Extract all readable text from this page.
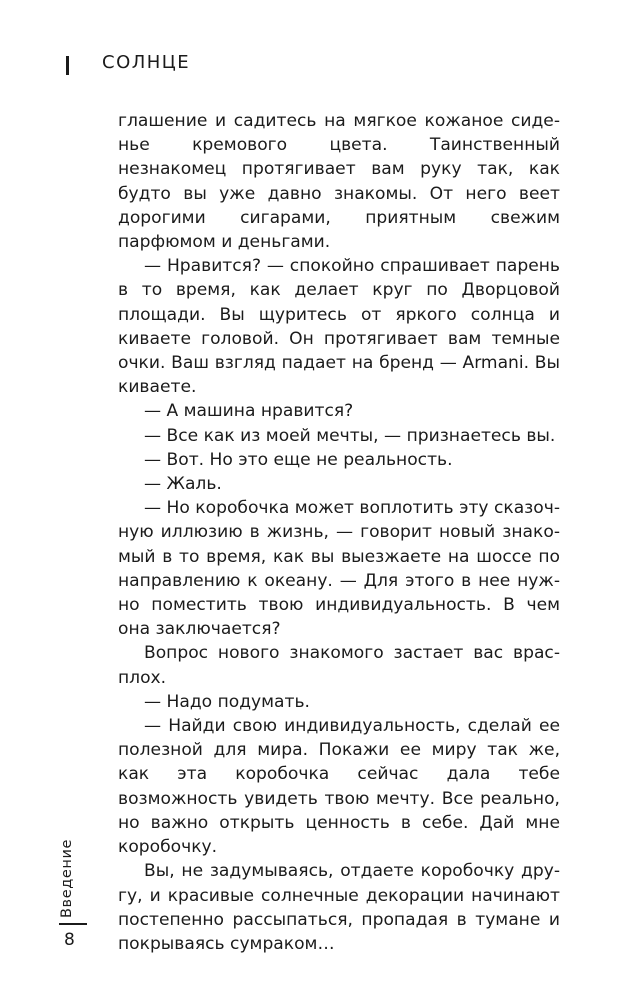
СОЛНЦЕ

глашение и садитесь на мягкое кожаное сиденье кремового цвета. Таинственный незнакомец протягивает вам руку так, как будто вы уже давно знакомы. От него веет дорогими сигарами, приятным свежим парфюмом и деньгами.

— Нравится? — спокойно спрашивает парень в то время, как делает круг по Дворцовой площади. Вы щуритесь от яркого солнца и киваете головой. Он протягивает вам темные очки. Ваш взгляд падает на бренд — Armani. Вы киваете.

— А машина нравится?

— Все как из моей мечты, — признаетесь вы.

— Вот. Но это еще не реальность.

— Жаль.

— Но коробочка может воплотить эту сказочную иллюзию в жизнь, — говорит новый знакомый в то время, как вы выезжаете на шоссе по направлению к океану. — Для этого в нее нужно поместить твою индивидуальность. В чем она заключается?

Вопрос нового знакомого застает вас врасплох.

— Надо подумать.

— Найди свою индивидуальность, сделай ее полезной для мира. Покажи ее миру так же, как эта коробочка сейчас дала тебе возможность увидеть твою мечту. Все реально, но важно открыть ценность в себе. Дай мне коробочку.

Вы, не задумываясь, отдаете коробочку другу, и красивые солнечные декорации начинают постепенно рассыпаться, пропадая в тумане и покрываясь сумраком…

Введение
8
